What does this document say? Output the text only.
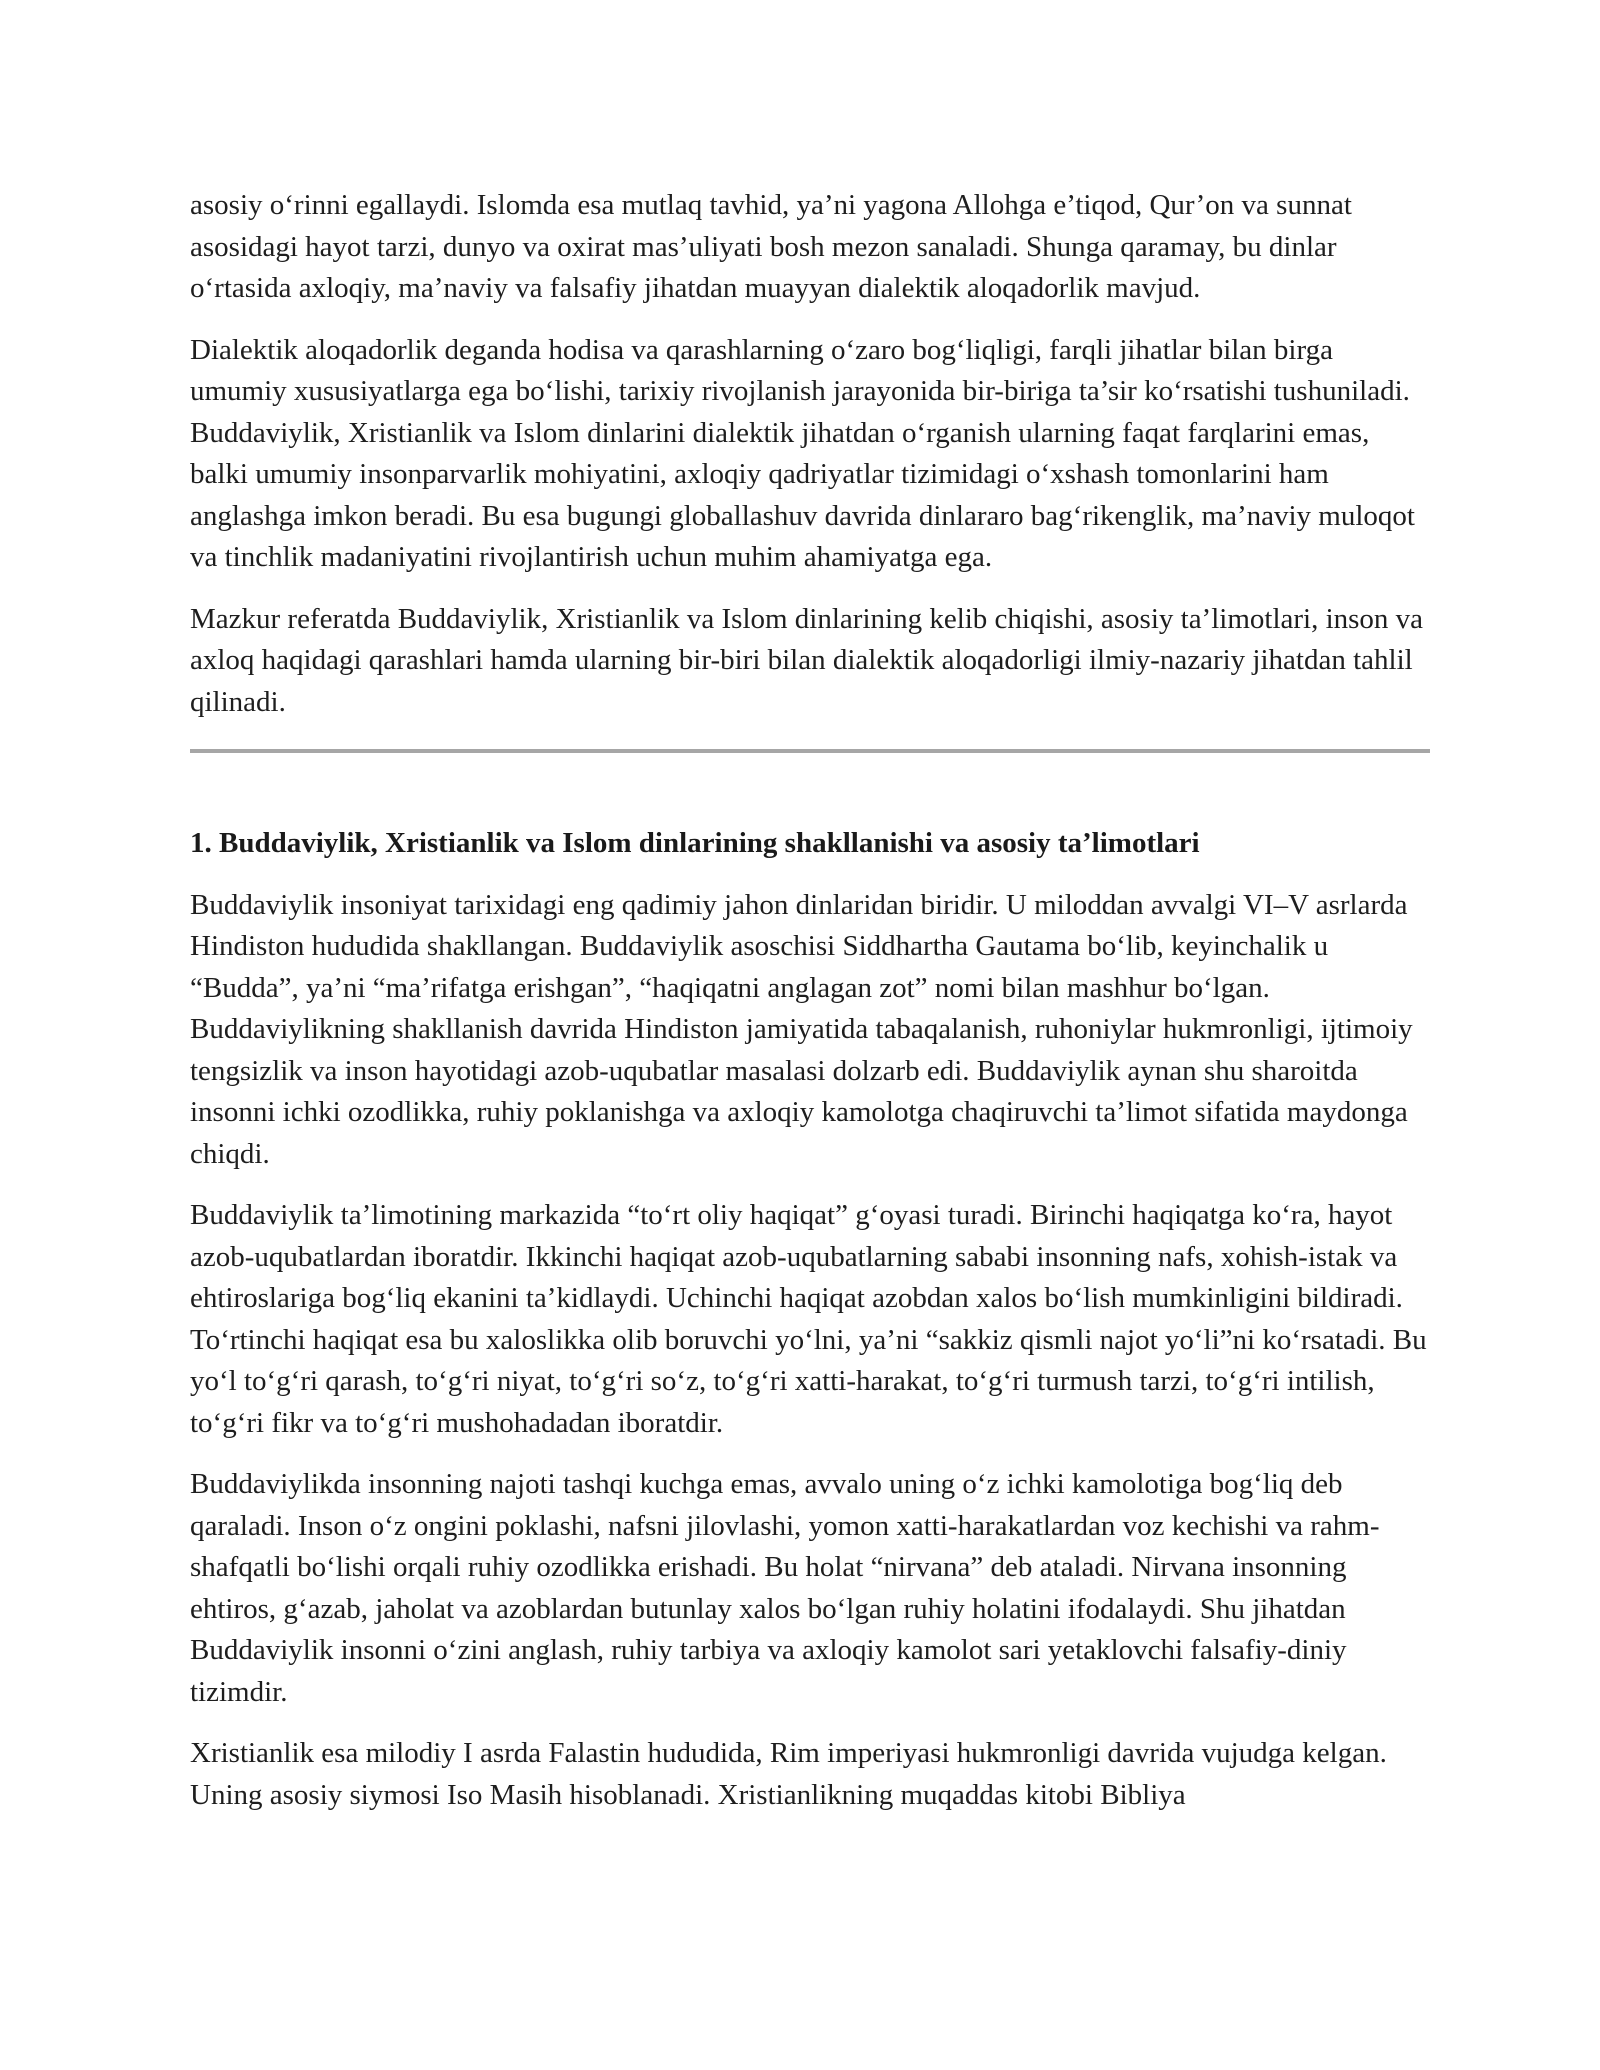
asosiy o‘rinni egallaydi. Islomda esa mutlaq tavhid, ya’ni yagona Allohga e’tiqod, Qur’on va sunnat asosidagi hayot tarzi, dunyo va oxirat mas’uliyati bosh mezon sanaladi. Shunga qaramay, bu dinlar o‘rtasida axloqiy, ma’naviy va falsafiy jihatdan muayyan dialektik aloqadorlik mavjud.

Dialektik aloqadorlik deganda hodisa va qarashlarning o‘zaro bog‘liqligi, farqli jihatlar bilan birga umumiy xususiyatlarga ega bo‘lishi, tarixiy rivojlanish jarayonida bir-biriga ta’sir ko‘rsatishi tushuniladi. Buddaviylik, Xristianlik va Islom dinlarini dialektik jihatdan o‘rganish ularning faqat farqlarini emas, balki umumiy insonparvarlik mohiyatini, axloqiy qadriyatlar tizimidagi o‘xshash tomonlarini ham anglashga imkon beradi. Bu esa bugungi globallashuv davrida dinlararo bag‘rikenglik, ma’naviy muloqot va tinchlik madaniyatini rivojlantirish uchun muhim ahamiyatga ega.

Mazkur referatda Buddaviylik, Xristianlik va Islom dinlarining kelib chiqishi, asosiy ta’limotlari, inson va axloq haqidagi qarashlari hamda ularning bir-biri bilan dialektik aloqadorligi ilmiy-nazariy jihatdan tahlil qilinadi.

1. Buddaviylik, Xristianlik va Islom dinlarining shakllanishi va asosiy ta’limotlari

Buddaviylik insoniyat tarixidagi eng qadimiy jahon dinlaridan biridir. U miloddan avvalgi VI–V asrlarda Hindiston hududida shakllangan. Buddaviylik asoschisi Siddhartha Gautama bo‘lib, keyinchalik u “Budda”, ya’ni “ma’rifatga erishgan”, “haqiqatni anglagan zot” nomi bilan mashhur bo‘lgan. Buddaviylikning shakllanish davrida Hindiston jamiyatida tabaqalanish, ruhoniylar hukmronligi, ijtimoiy tengsizlik va inson hayotidagi azob-uqubatlar masalasi dolzarb edi. Buddaviylik aynan shu sharoitda insonni ichki ozodlikka, ruhiy poklanishga va axloqiy kamolotga chaqiruvchi ta’limot sifatida maydonga chiqdi.

Buddaviylik ta’limotining markazida “to‘rt oliy haqiqat” g‘oyasi turadi. Birinchi haqiqatga ko‘ra, hayot azob-uqubatlardan iboratdir. Ikkinchi haqiqat azob-uqubatlarning sababi insonning nafs, xohish-istak va ehtiroslariga bog‘liq ekanini ta’kidlaydi. Uchinchi haqiqat azobdan xalos bo‘lish mumkinligini bildiradi. To‘rtinchi haqiqat esa bu xaloslikka olib boruvchi yo‘lni, ya’ni “sakkiz qismli najot yo‘li”ni ko‘rsatadi. Bu yo‘l to‘g‘ri qarash, to‘g‘ri niyat, to‘g‘ri so‘z, to‘g‘ri xatti-harakat, to‘g‘ri turmush tarzi, to‘g‘ri intilish, to‘g‘ri fikr va to‘g‘ri mushohadadan iboratdir.

Buddaviylikda insonning najoti tashqi kuchga emas, avvalo uning o‘z ichki kamolotiga bog‘liq deb qaraladi. Inson o‘z ongini poklashi, nafsni jilovlashi, yomon xatti-harakatlardan voz kechishi va rahm-shafqatli bo‘lishi orqali ruhiy ozodlikka erishadi. Bu holat “nirvana” deb ataladi. Nirvana insonning ehtiros, g‘azab, jaholat va azoblardan butunlay xalos bo‘lgan ruhiy holatini ifodalaydi. Shu jihatdan Buddaviylik insonni o‘zini anglash, ruhiy tarbiya va axloqiy kamolot sari yetaklovchi falsafiy-diniy tizimdir.

Xristianlik esa milodiy I asrda Falastin hududida, Rim imperiyasi hukmronligi davrida vujudga kelgan. Uning asosiy siymosi Iso Masih hisoblanadi. Xristianlikning muqaddas kitobi Bibliya
